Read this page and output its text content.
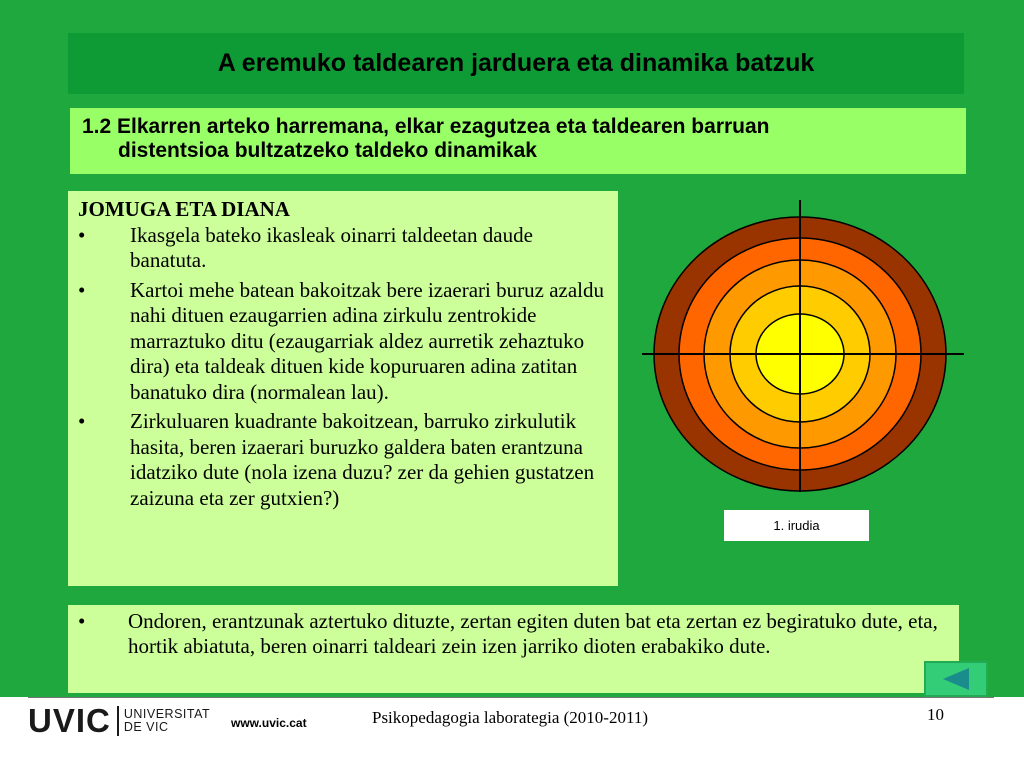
A eremuko taldearen jarduera eta dinamika batzuk
1.2 Elkarren arteko harremana, elkar ezagutzea eta taldearen barruan
distentsioa bultzatzeko taldeko dinamikak
JOMUGA ETA DIANA
•	Ikasgela bateko ikasleak oinarri taldeetan daude banatuta.
•	Kartoi mehe batean bakoitzak bere izaerari buruz azaldu nahi dituen ezaugarrien adina zirkulu zentrokide marraztuko ditu (ezaugarriak aldez aurretik zehaztuko dira) eta taldeak dituen kide kopuruaren adina zatitan banatuko dira (normalean lau).
•	Zirkuluaren kuadrante bakoitzean, barruko zirkulutik hasita, beren izaerari buruzko galdera baten erantzuna idatziko dute (nola izena duzu? zer da gehien gustatzen zaizuna eta zer gutxien?)
1. irudia
•	Ondoren, erantzunak aztertuko dituzte, zertan egiten duten bat eta zertan ez begiratuko dute, eta, hortik abiatuta, beren oinarri taldeari zein izen jarriko dioten erabakiko dute.
UVIC UNIVERSITAT
DE VIC	www.uvic.cat	Psikopedagogia laborategia (2010-2011)	10
